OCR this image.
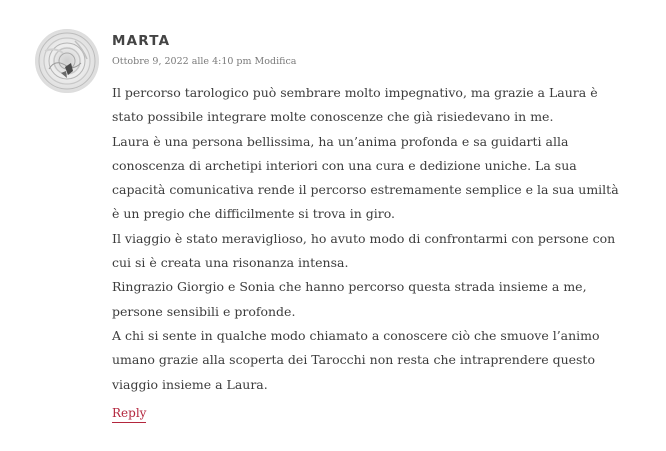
MARTA
Ottobre 9, 2022 alle 4:10 pm Modifica

Il percorso tarologico può sembrare molto impegnativo, ma grazie a Laura è stato possibile integrare molte conoscenze che già risiedevano in me.

Laura è una persona bellissima, ha un’anima profonda e sa guidarti alla conoscenza di archetipi interiori con una cura e dedizione uniche. La sua capacità comunicativa rende il percorso estremamente semplice e la sua umiltà è un pregio che difficilmente si trova in giro.

Il viaggio è stato meraviglioso, ho avuto modo di confrontarmi con persone con cui si è creata una risonanza intensa.

Ringrazio Giorgio e Sonia che hanno percorso questa strada insieme a me, persone sensibili e profonde.

A chi si sente in qualche modo chiamato a conoscere ciò che smuove l’animo umano grazie alla scoperta dei Tarocchi non resta che intraprendere questo viaggio insieme a Laura.

Reply
